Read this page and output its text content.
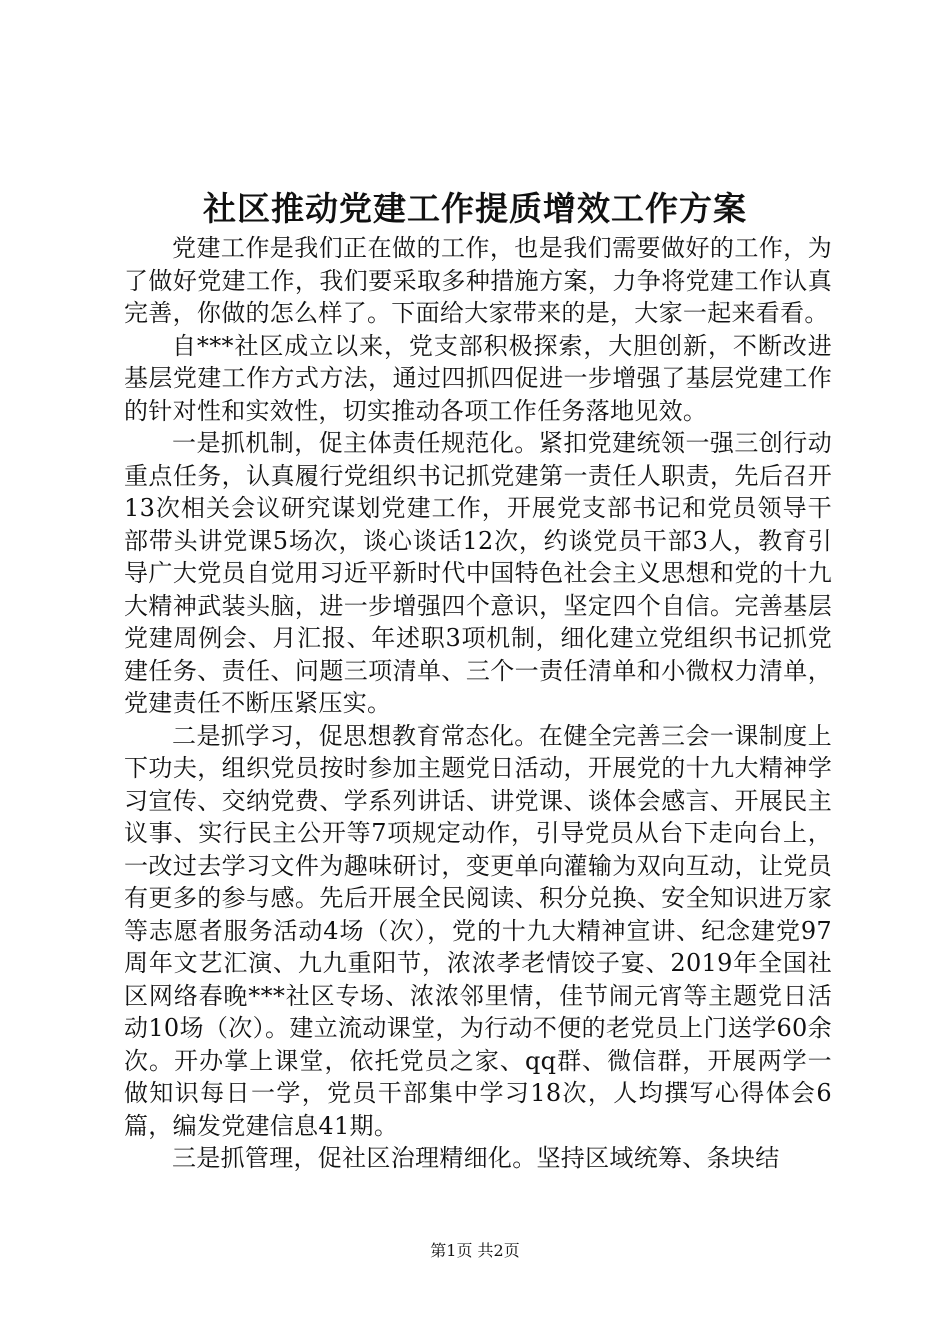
社区推动党建工作提质增效工作方案

党建工作是我们正在做的工作，也是我们需要做好的工作，为了做好党建工作，我们要采取多种措施方案，力争将党建工作认真完善，你做的怎么样了。下面给大家带来的是，大家一起来看看。

自***社区成立以来，党支部积极探索，大胆创新，不断改进基层党建工作方式方法，通过四抓四促进一步增强了基层党建工作的针对性和实效性，切实推动各项工作任务落地见效。

一是抓机制，促主体责任规范化。紧扣党建统领一强三创行动重点任务，认真履行党组织书记抓党建第一责任人职责，先后召开13次相关会议研究谋划党建工作，开展党支部书记和党员领导干部带头讲党课5场次，谈心谈话12次，约谈党员干部3人，教育引导广大党员自觉用习近平新时代中国特色社会主义思想和党的十九大精神武装头脑，进一步增强四个意识，坚定四个自信。完善基层党建周例会、月汇报、年述职3项机制，细化建立党组织书记抓党建任务、责任、问题三项清单、三个一责任清单和小微权力清单，党建责任不断压紧压实。

二是抓学习，促思想教育常态化。在健全完善三会一课制度上下功夫，组织党员按时参加主题党日活动，开展党的十九大精神学习宣传、交纳党费、学系列讲话、讲党课、谈体会感言、开展民主议事、实行民主公开等7项规定动作，引导党员从台下走向台上，一改过去学习文件为趣味研讨，变更单向灌输为双向互动，让党员有更多的参与感。先后开展全民阅读、积分兑换、安全知识进万家等志愿者服务活动4场（次），党的十九大精神宣讲、纪念建党97周年文艺汇演、九九重阳节，浓浓孝老情饺子宴、2019年全国社区网络春晚***社区专场、浓浓邻里情，佳节闹元宵等主题党日活动10场（次）。建立流动课堂，为行动不便的老党员上门送学60余次。开办掌上课堂，依托党员之家、qq群、微信群，开展两学一做知识每日一学，党员干部集中学习18次，人均撰写心得体会6篇，编发党建信息41期。

三是抓管理，促社区治理精细化。坚持区域统筹、条块结

第1页 共2页
